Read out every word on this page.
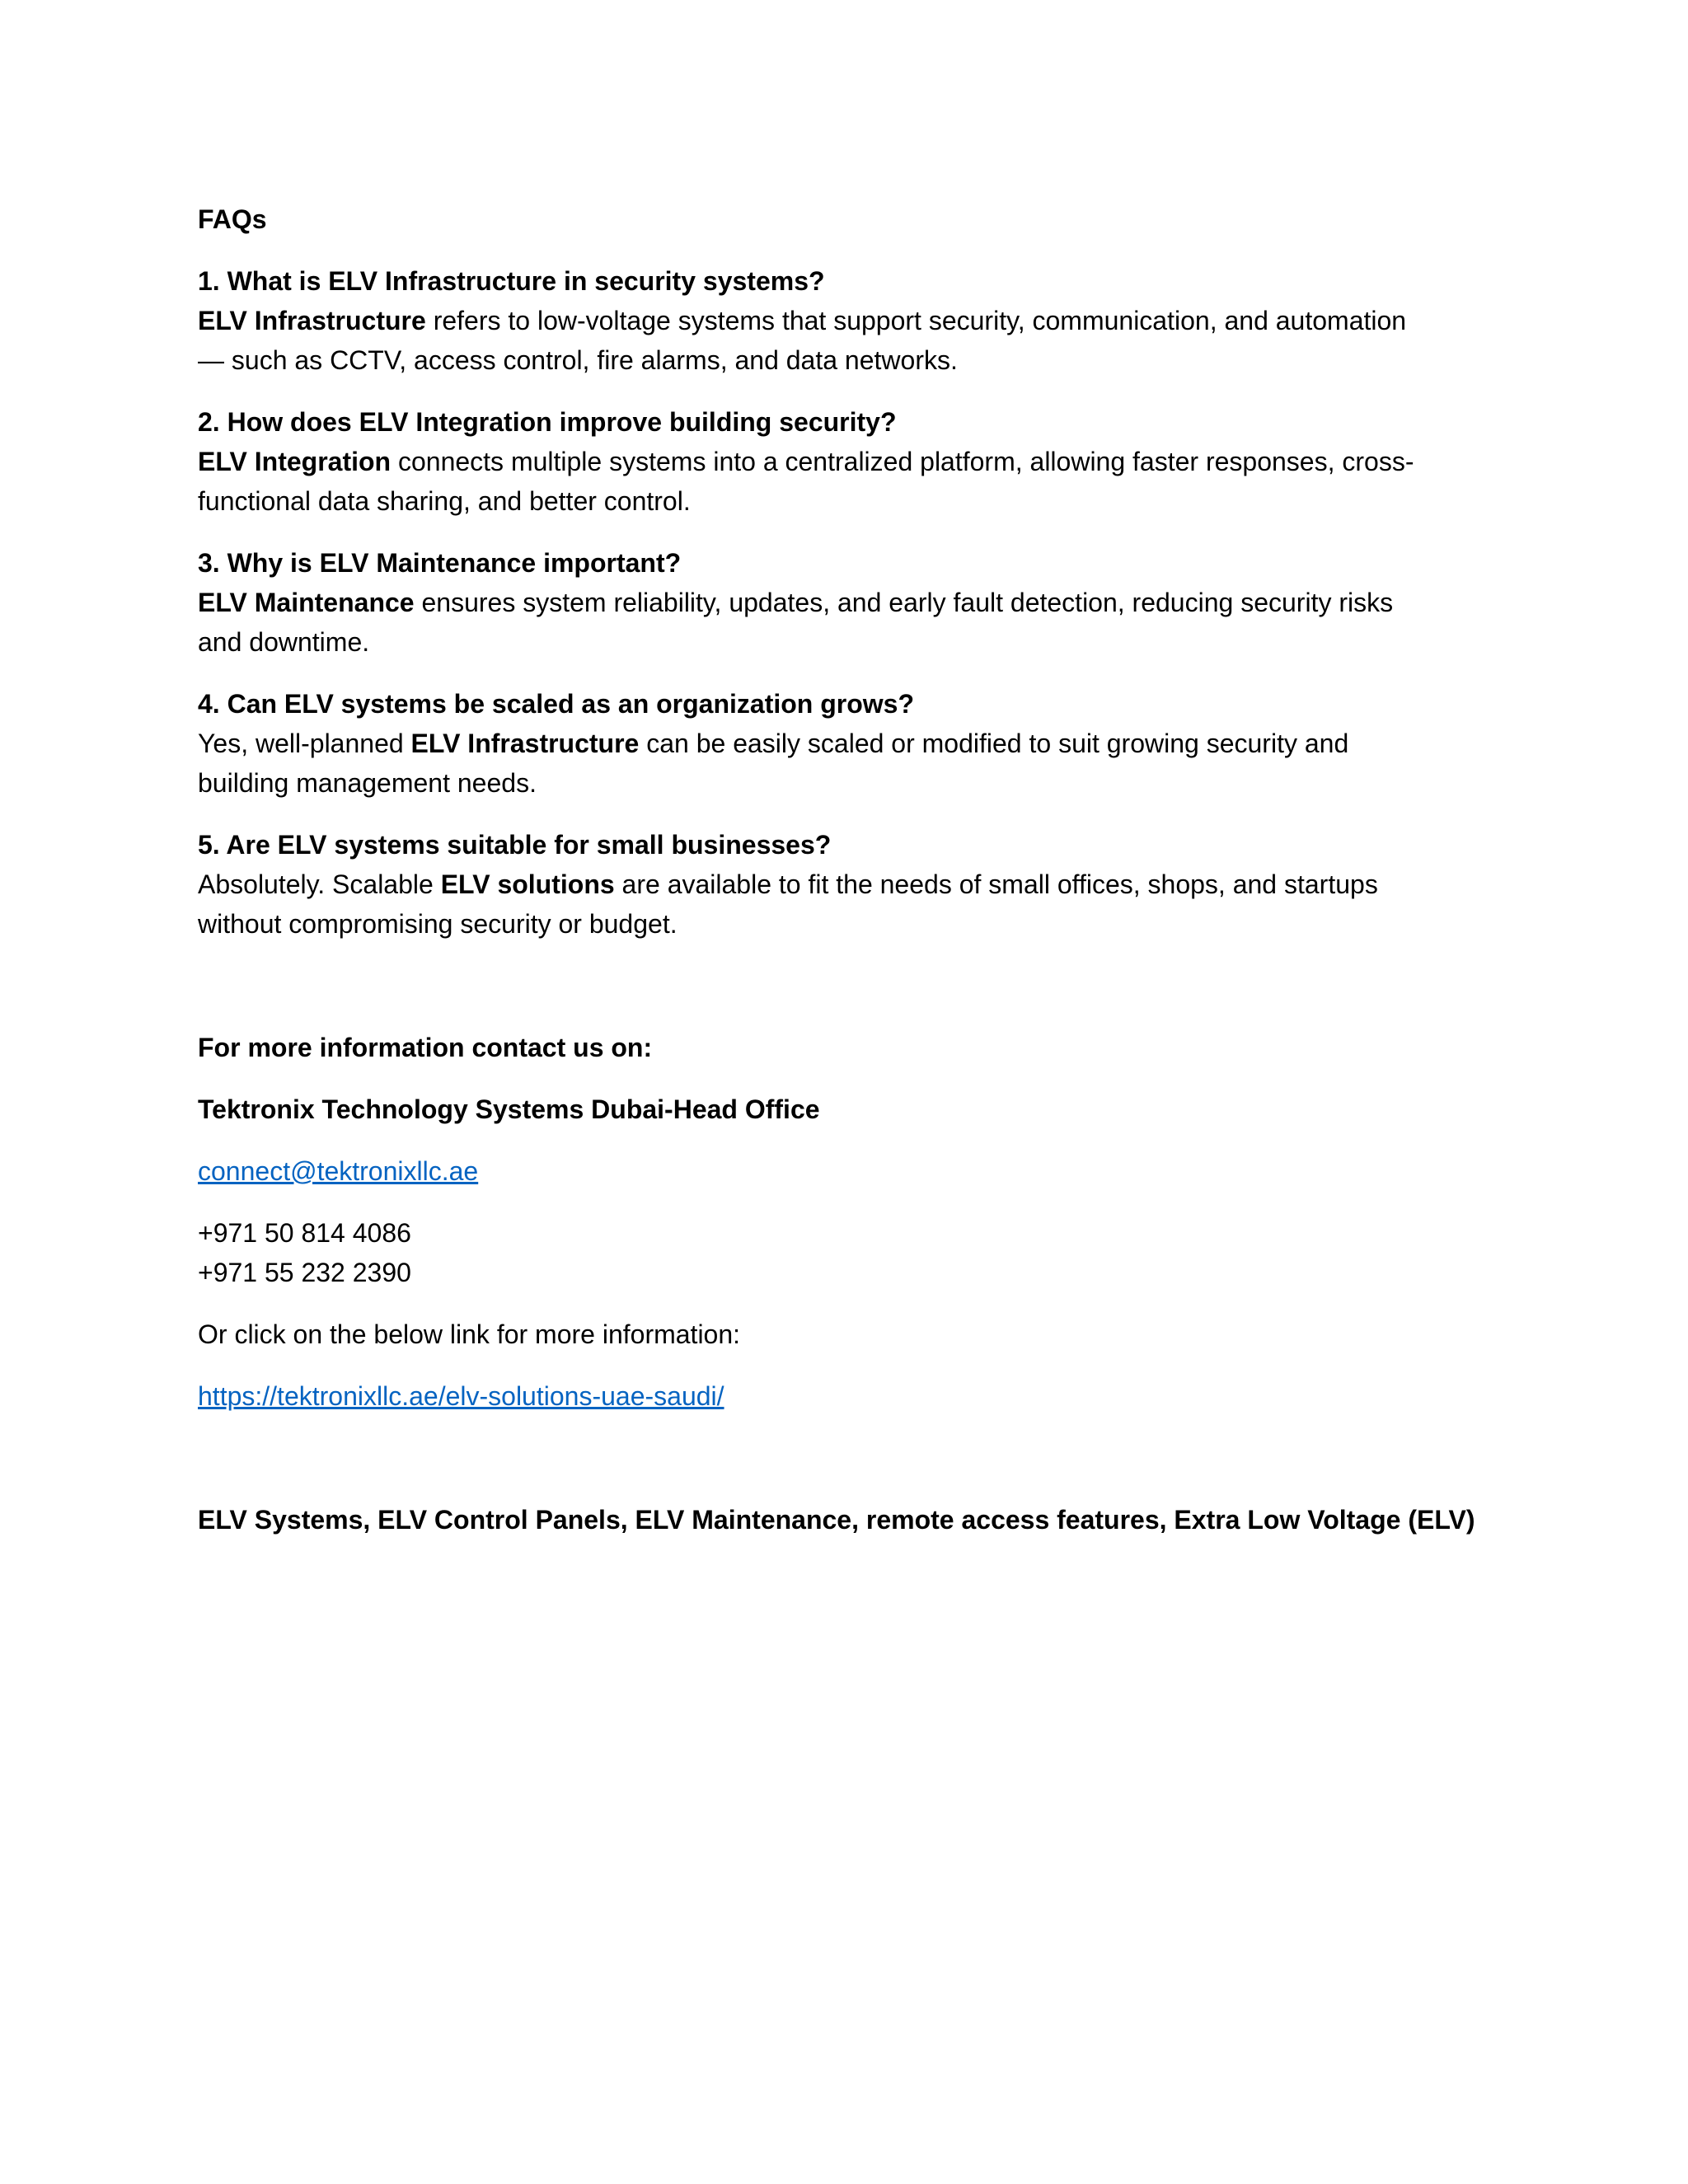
FAQs
1. What is ELV Infrastructure in security systems?
ELV Infrastructure refers to low-voltage systems that support security, communication, and automation
— such as CCTV, access control, fire alarms, and data networks.
2. How does ELV Integration improve building security?
ELV Integration connects multiple systems into a centralized platform, allowing faster responses, cross-
functional data sharing, and better control.
3. Why is ELV Maintenance important?
ELV Maintenance ensures system reliability, updates, and early fault detection, reducing security risks
and downtime.
4. Can ELV systems be scaled as an organization grows?
Yes, well-planned ELV Infrastructure can be easily scaled or modified to suit growing security and
building management needs.
5. Are ELV systems suitable for small businesses?
Absolutely. Scalable ELV solutions are available to fit the needs of small offices, shops, and startups
without compromising security or budget.
For more information contact us on:
Tektronix Technology Systems Dubai-Head Office
connect@tektronixllc.ae
+971 50 814 4086
+971 55 232 2390
Or click on the below link for more information:
https://tektronixllc.ae/elv-solutions-uae-saudi/
ELV Systems, ELV Control Panels, ELV Maintenance, remote access features, Extra Low Voltage (ELV)
